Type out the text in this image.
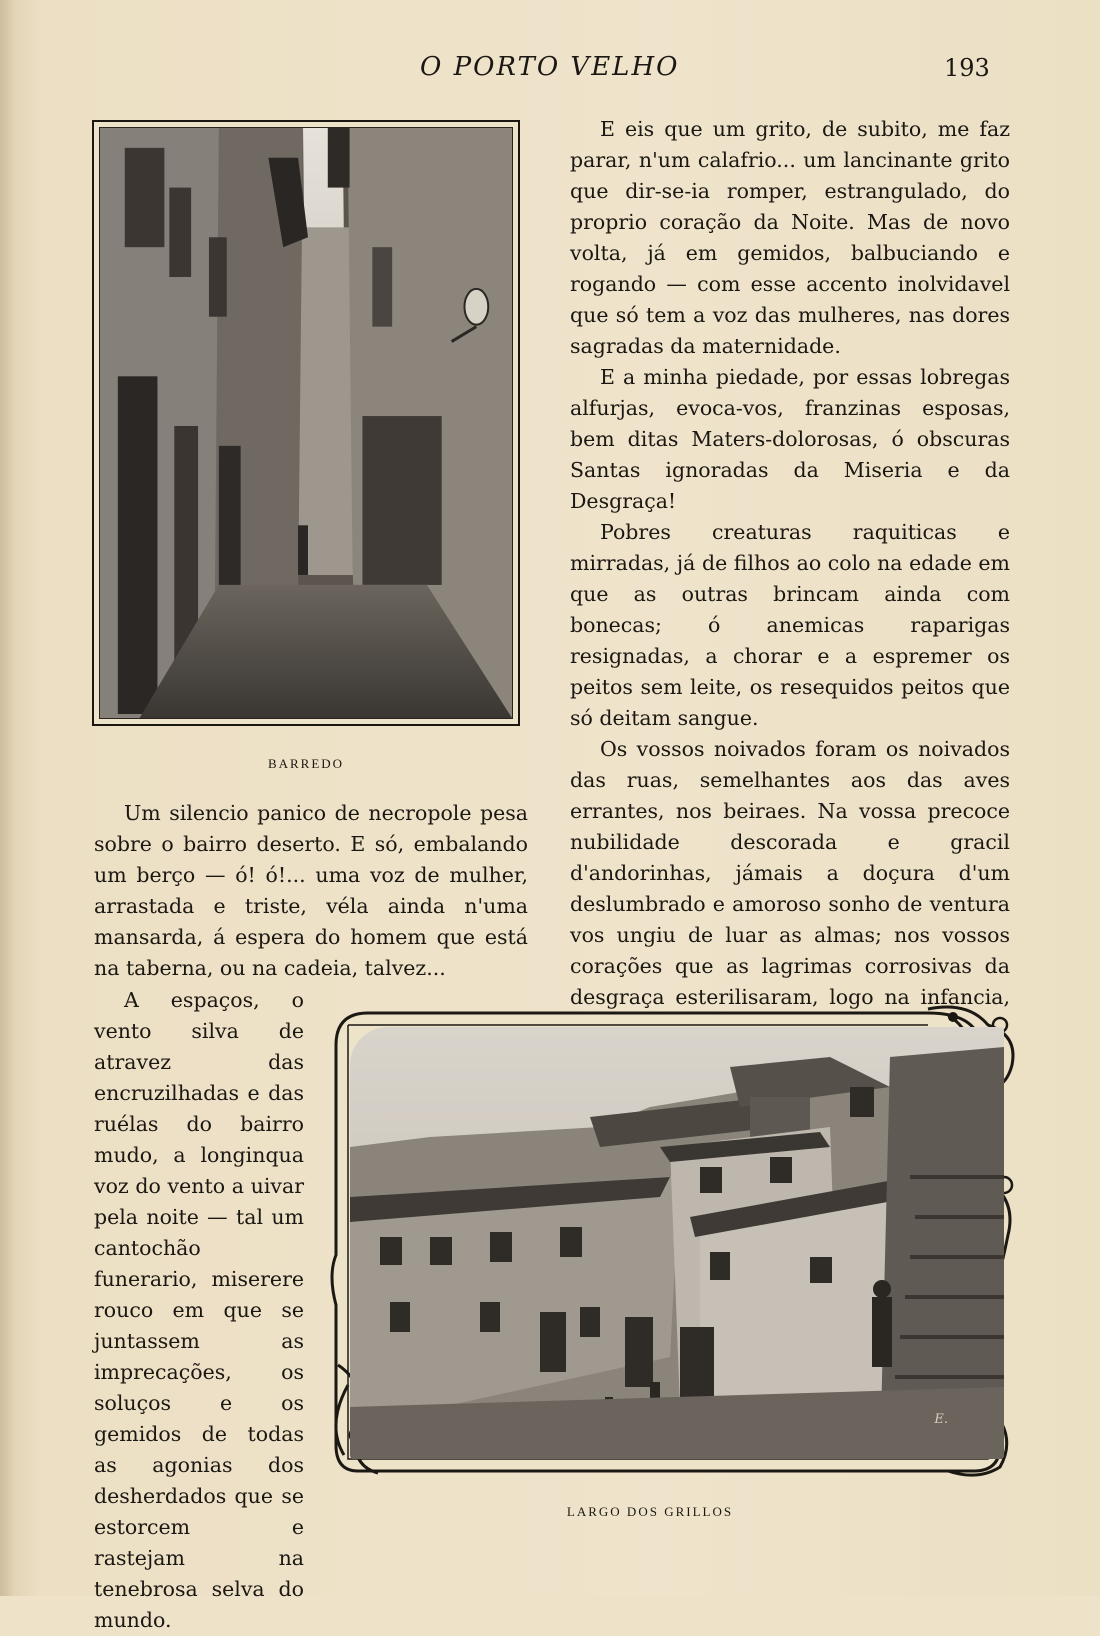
O PORTO VELHO	193
BARREDO

E eis que um grito, de subito, me faz parar, n'um calafrio... um lancinante grito que dir-se-ia romper, estrangulado, do proprio coração da Noite. Mas de novo volta, já em gemidos, balbuciando e rogando — com esse accento inolvidavel que só tem a voz das mulheres, nas dores sagradas da maternidade.

E a minha piedade, por essas lobregas alfurjas, evoca-vos, franzinas esposas, bem ditas Maters-dolorosas, ó obscuras Santas ignoradas da Miseria e da Desgraça!

Pobres creaturas raquiticas e mirradas, já de filhos ao colo na edade em que as outras brincam ainda com bonecas; ó anemicas raparigas resignadas, a chorar e a espremer os peitos sem leite, os resequidos peitos que só deitam sangue.

Os vossos noivados foram os noivados das ruas, semelhantes aos das aves errantes, nos beiraes. Na vossa precoce nubilidade descorada e gracil d'andorinhas, jámais a doçura d'um deslumbrado e amoroso sonho de ventura vos ungiu de luar as almas; nos vossos corações que as lagrimas corrosivas da desgraça esterilisaram, logo na infancia,

Um silencio panico de necropole pesa sobre o bairro deserto. E só, embalando um berço — ó! ó!... uma voz de mulher, arrastada e triste, véla ainda n'uma mansarda, á espera do homem que está na taberna, ou na cadeia, talvez...

A espaços, o vento silva de atravez das encruzilhadas e das ruélas do bairro mudo, a longinqua voz do vento a uivar pela noite — tal um cantochão funerario, miserere rouco em que se juntassem as imprecações, os soluços e os gemidos de todas as agonias dos desherdados que se estorcem e rastejam na tenebrosa selva do mundo.

E.
LARGO DOS GRILLOS
